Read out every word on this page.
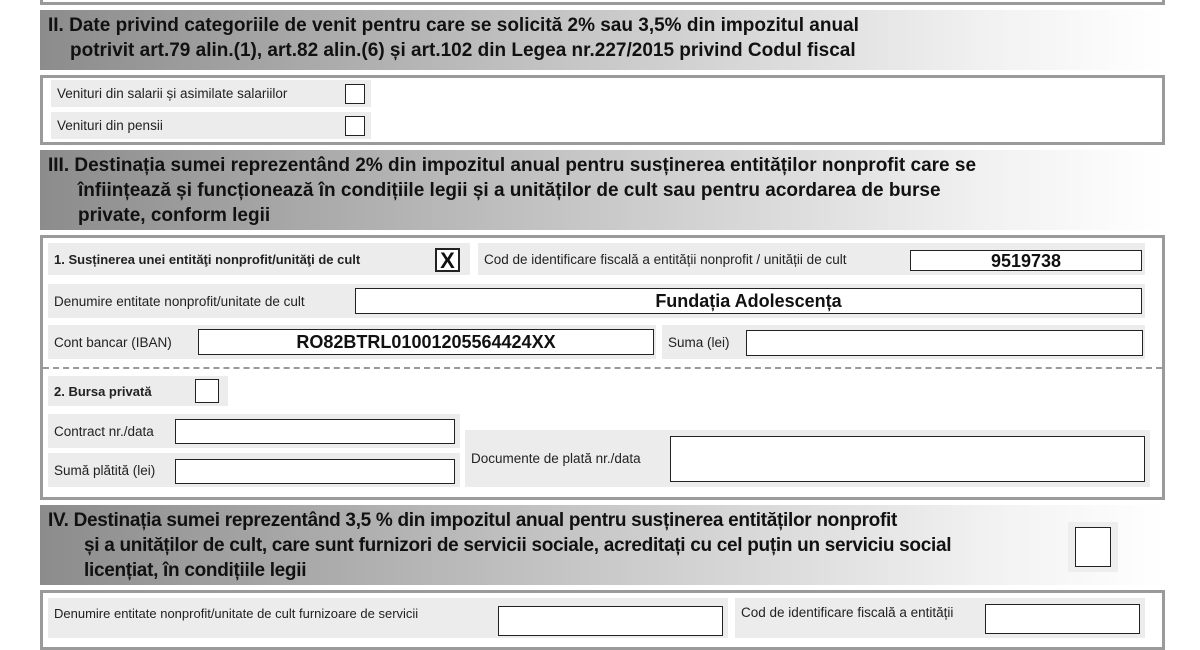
II. Date privind categoriile de venit pentru care se solicită 2% sau 3,5% din impozitul anual
potrivit art.79 alin.(1), art.82 alin.(6) și art.102 din Legea nr.227/2015 privind Codul fiscal
Venituri din salarii și asimilate salariilor
Venituri din pensii
III. Destinația sumei reprezentând 2% din impozitul anual pentru susținerea entităților nonprofit care se
înființează și funcționează în condițiile legii și a unităților de cult sau pentru acordarea de burse
private, conform legii
1. Susținerea unei entităţi nonprofit/unităţi de cult	X	Cod de identificare fiscală a entității nonprofit / unității de cult	9519738
Denumire entitate nonprofit/unitate de cult	Fundația Adolescența
Cont bancar (IBAN)	RO82BTRL01001205564424XX	Suma (lei)
2. Bursa privată
Contract nr./data
Sumă plătită (lei)
Documente de plată nr./data
IV. Destinația sumei reprezentând 3,5 % din impozitul anual pentru susținerea entităților nonprofit
și a unităților de cult, care sunt furnizori de servicii sociale, acreditați cu cel puțin un serviciu social
licențiat, în condițiile legii
Denumire entitate nonprofit/unitate de cult furnizoare de servicii	Cod de identificare fiscală a entității
